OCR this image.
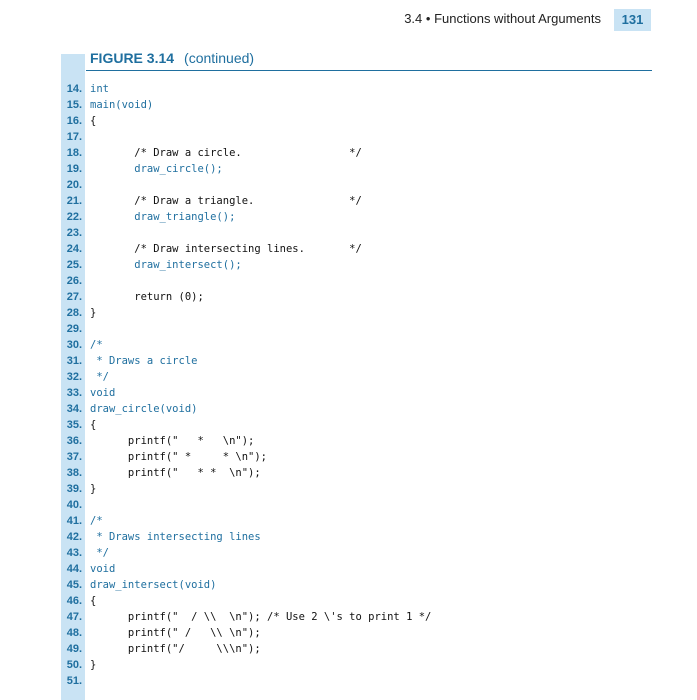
3.4 • Functions without Arguments	131
FIGURE 3.14 (continued)
14. int
15. main(void)
16. {
17.
18. /* Draw a circle.                 */
19. draw_circle();
20.
21. /* Draw a triangle.               */
22. draw_triangle();
23.
24. /* Draw intersecting lines.       */
25. draw_intersect();
26.
27. return (0);
28. }
29.
30. /*
31. * Draws a circle
32. */
33. void
34. draw_circle(void)
35. {
36. printf("   *   \n");
37. printf(" *     * \n");
38. printf("   * *  \n");
39. }
40.
41. /*
42. * Draws intersecting lines
43. */
44. void
45. draw_intersect(void)
46. {
47. printf("  / \\  \n"); /* Use 2 \'s to print 1 */
48. printf(" /   \\ \n");
49. printf("/     \\\n");
50. }
51.
